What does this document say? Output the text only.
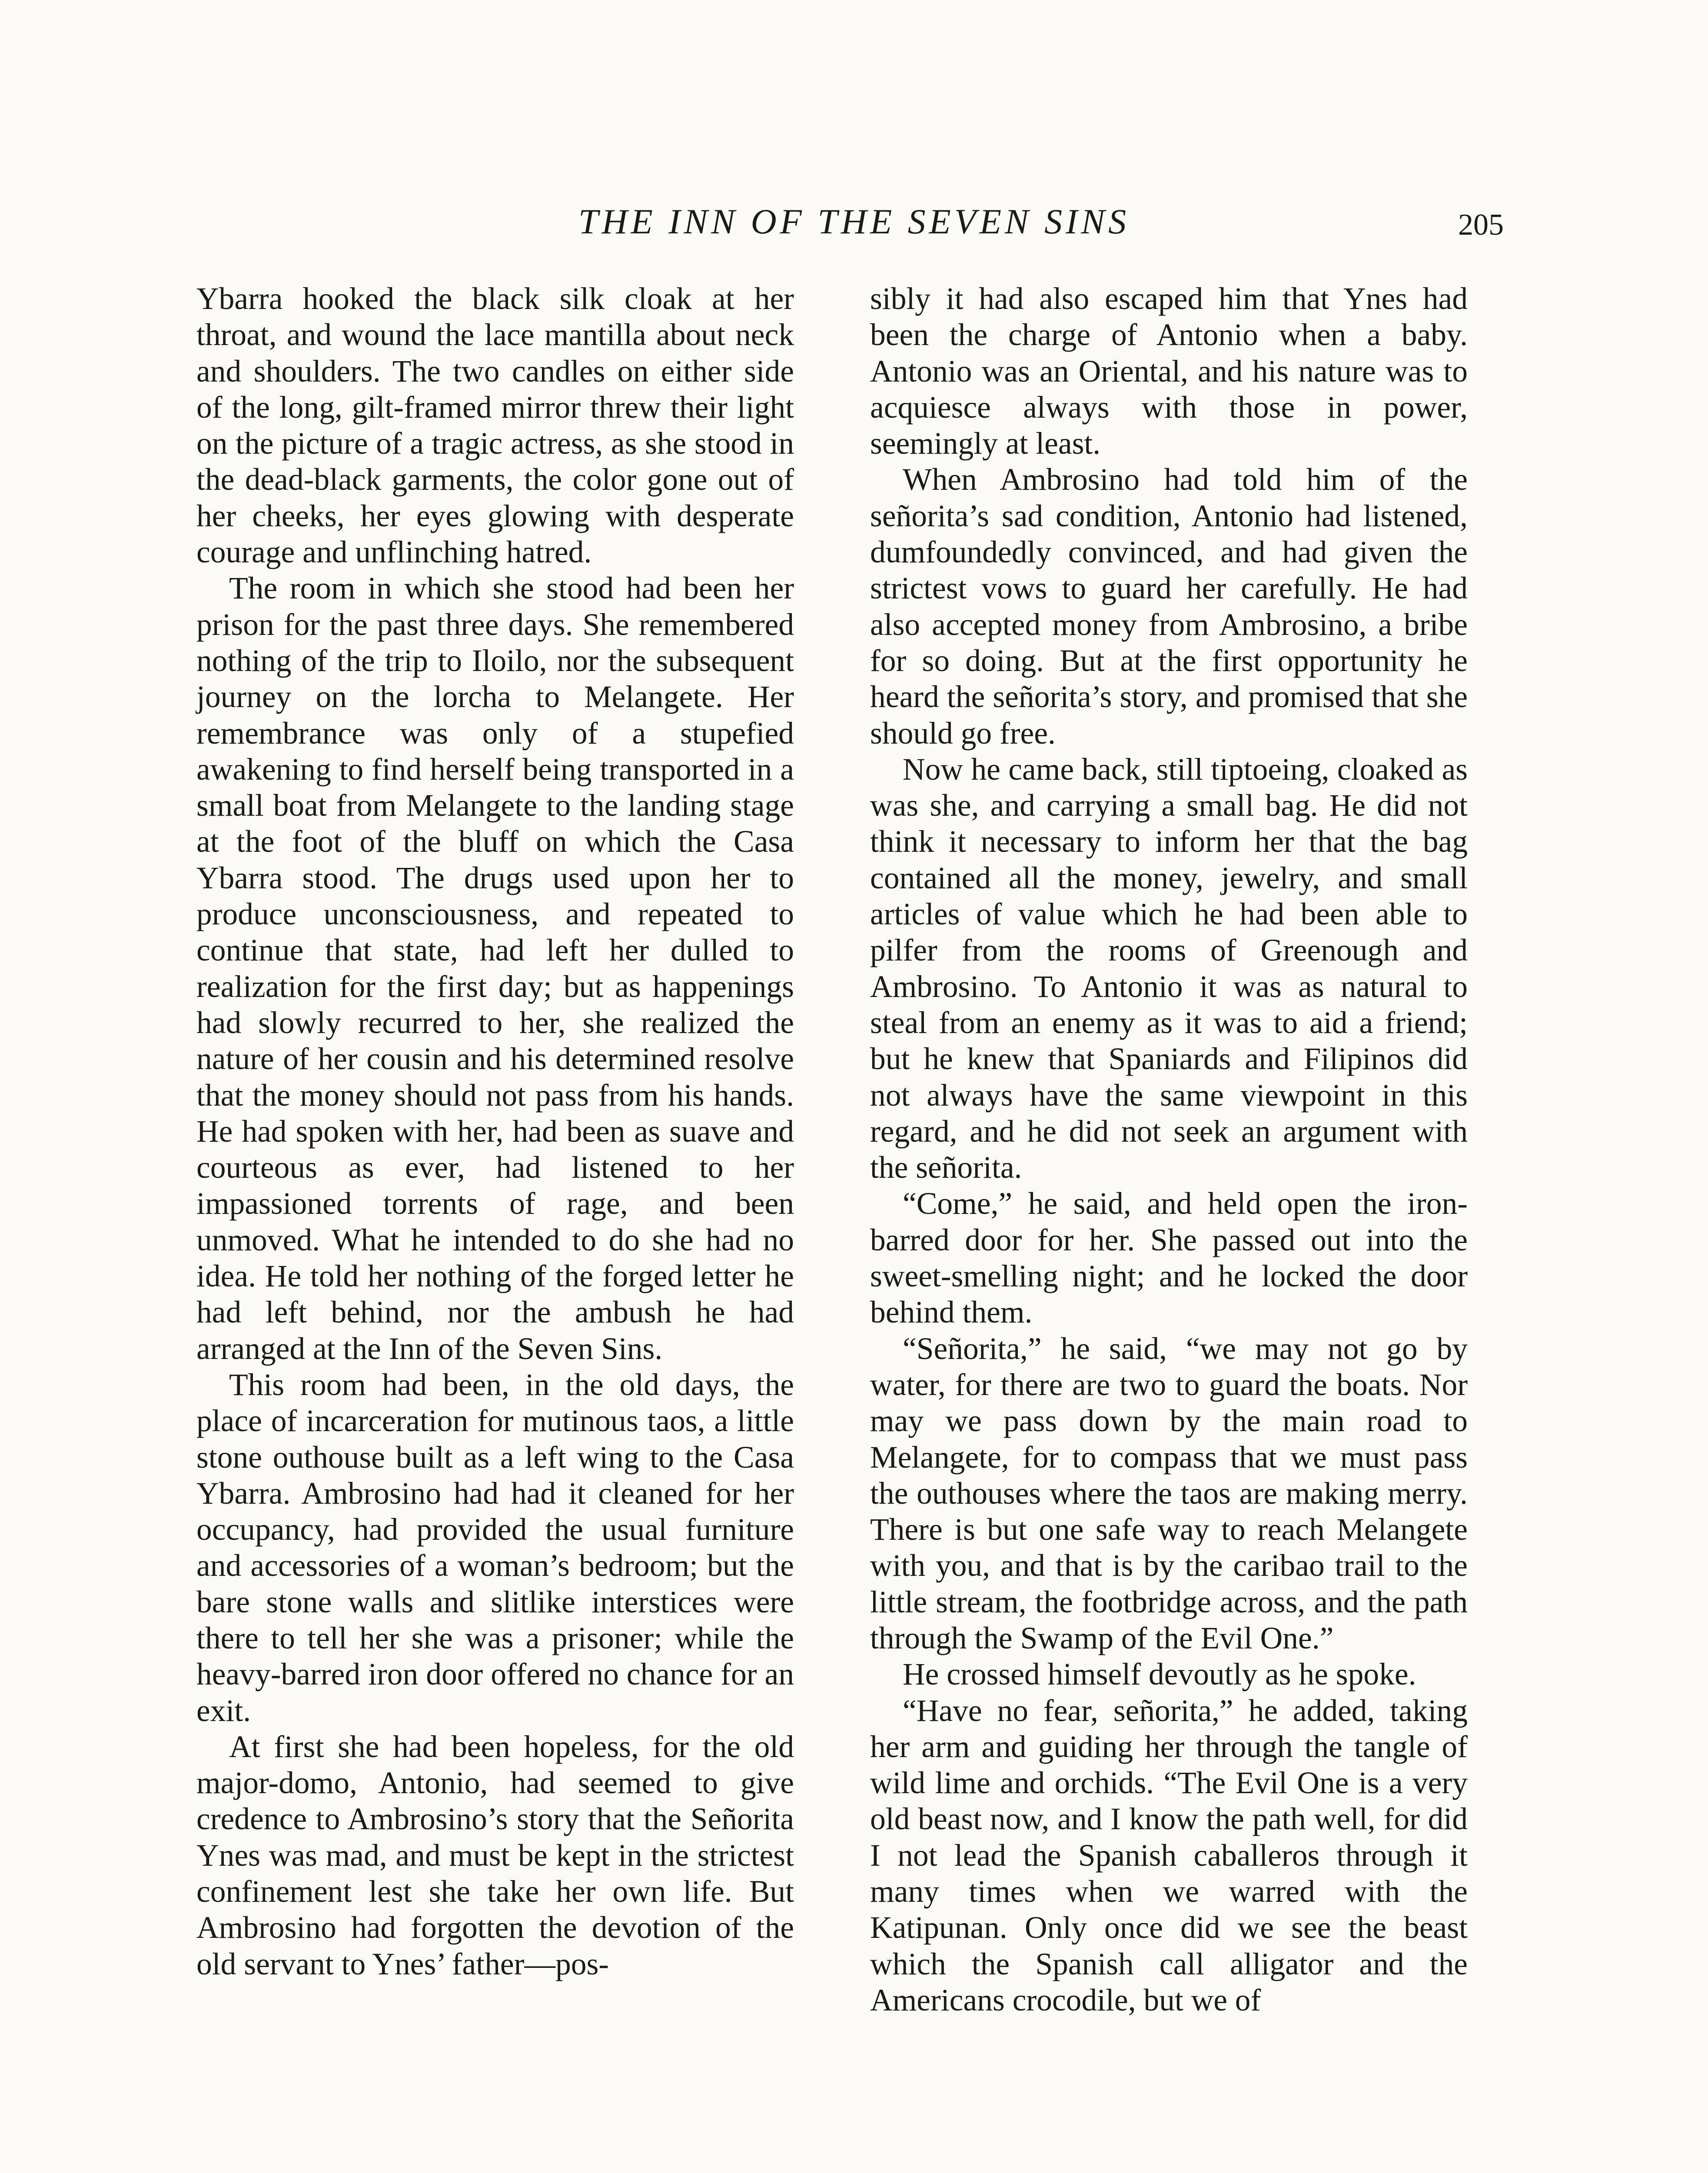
THE INN OF THE SEVEN SINS	205

Ybarra hooked the black silk cloak at her throat, and wound the lace mantilla about neck and shoulders. The two candles on either side of the long, gilt-framed mirror threw their light on the picture of a tragic actress, as she stood in the dead-black garments, the color gone out of her cheeks, her eyes glowing with desperate courage and unflinching hatred.

The room in which she stood had been her prison for the past three days. She remembered nothing of the trip to Iloilo, nor the subsequent journey on the lorcha to Melangete. Her remembrance was only of a stupefied awakening to find herself being transported in a small boat from Melangete to the landing stage at the foot of the bluff on which the Casa Ybarra stood. The drugs used upon her to produce unconsciousness, and repeated to continue that state, had left her dulled to realization for the first day; but as happenings had slowly recurred to her, she realized the nature of her cousin and his determined resolve that the money should not pass from his hands. He had spoken with her, had been as suave and courteous as ever, had listened to her impassioned torrents of rage, and been unmoved. What he intended to do she had no idea. He told her nothing of the forged letter he had left behind, nor the ambush he had arranged at the Inn of the Seven Sins.

This room had been, in the old days, the place of incarceration for mutinous taos, a little stone outhouse built as a left wing to the Casa Ybarra. Ambrosino had had it cleaned for her occupancy, had provided the usual furniture and accessories of a woman’s bedroom; but the bare stone walls and slitlike interstices were there to tell her she was a prisoner; while the heavy-barred iron door offered no chance for an exit.

At first she had been hopeless, for the old major-domo, Antonio, had seemed to give credence to Ambrosino’s story that the Señorita Ynes was mad, and must be kept in the strictest confinement lest she take her own life. But Ambrosino had forgotten the devotion of the old servant to Ynes’ father—pos-

sibly it had also escaped him that Ynes had been the charge of Antonio when a baby. Antonio was an Oriental, and his nature was to acquiesce always with those in power, seemingly at least.

When Ambrosino had told him of the señorita’s sad condition, Antonio had listened, dumfoundedly convinced, and had given the strictest vows to guard her carefully. He had also accepted money from Ambrosino, a bribe for so doing. But at the first opportunity he heard the señorita’s story, and promised that she should go free.

Now he came back, still tiptoeing, cloaked as was she, and carrying a small bag. He did not think it necessary to inform her that the bag contained all the money, jewelry, and small articles of value which he had been able to pilfer from the rooms of Greenough and Ambrosino. To Antonio it was as natural to steal from an enemy as it was to aid a friend; but he knew that Spaniards and Filipinos did not always have the same viewpoint in this regard, and he did not seek an argument with the señorita.

“Come,” he said, and held open the iron-barred door for her. She passed out into the sweet-smelling night; and he locked the door behind them.

“Señorita,” he said, “we may not go by water, for there are two to guard the boats. Nor may we pass down by the main road to Melangete, for to compass that we must pass the outhouses where the taos are making merry. There is but one safe way to reach Melangete with you, and that is by the caribao trail to the little stream, the footbridge across, and the path through the Swamp of the Evil One.”

He crossed himself devoutly as he spoke.

“Have no fear, señorita,” he added, taking her arm and guiding her through the tangle of wild lime and orchids. “The Evil One is a very old beast now, and I know the path well, for did I not lead the Spanish caballeros through it many times when we warred with the Katipunan. Only once did we see the beast which the Spanish call alligator and the Americans crocodile, but we of
